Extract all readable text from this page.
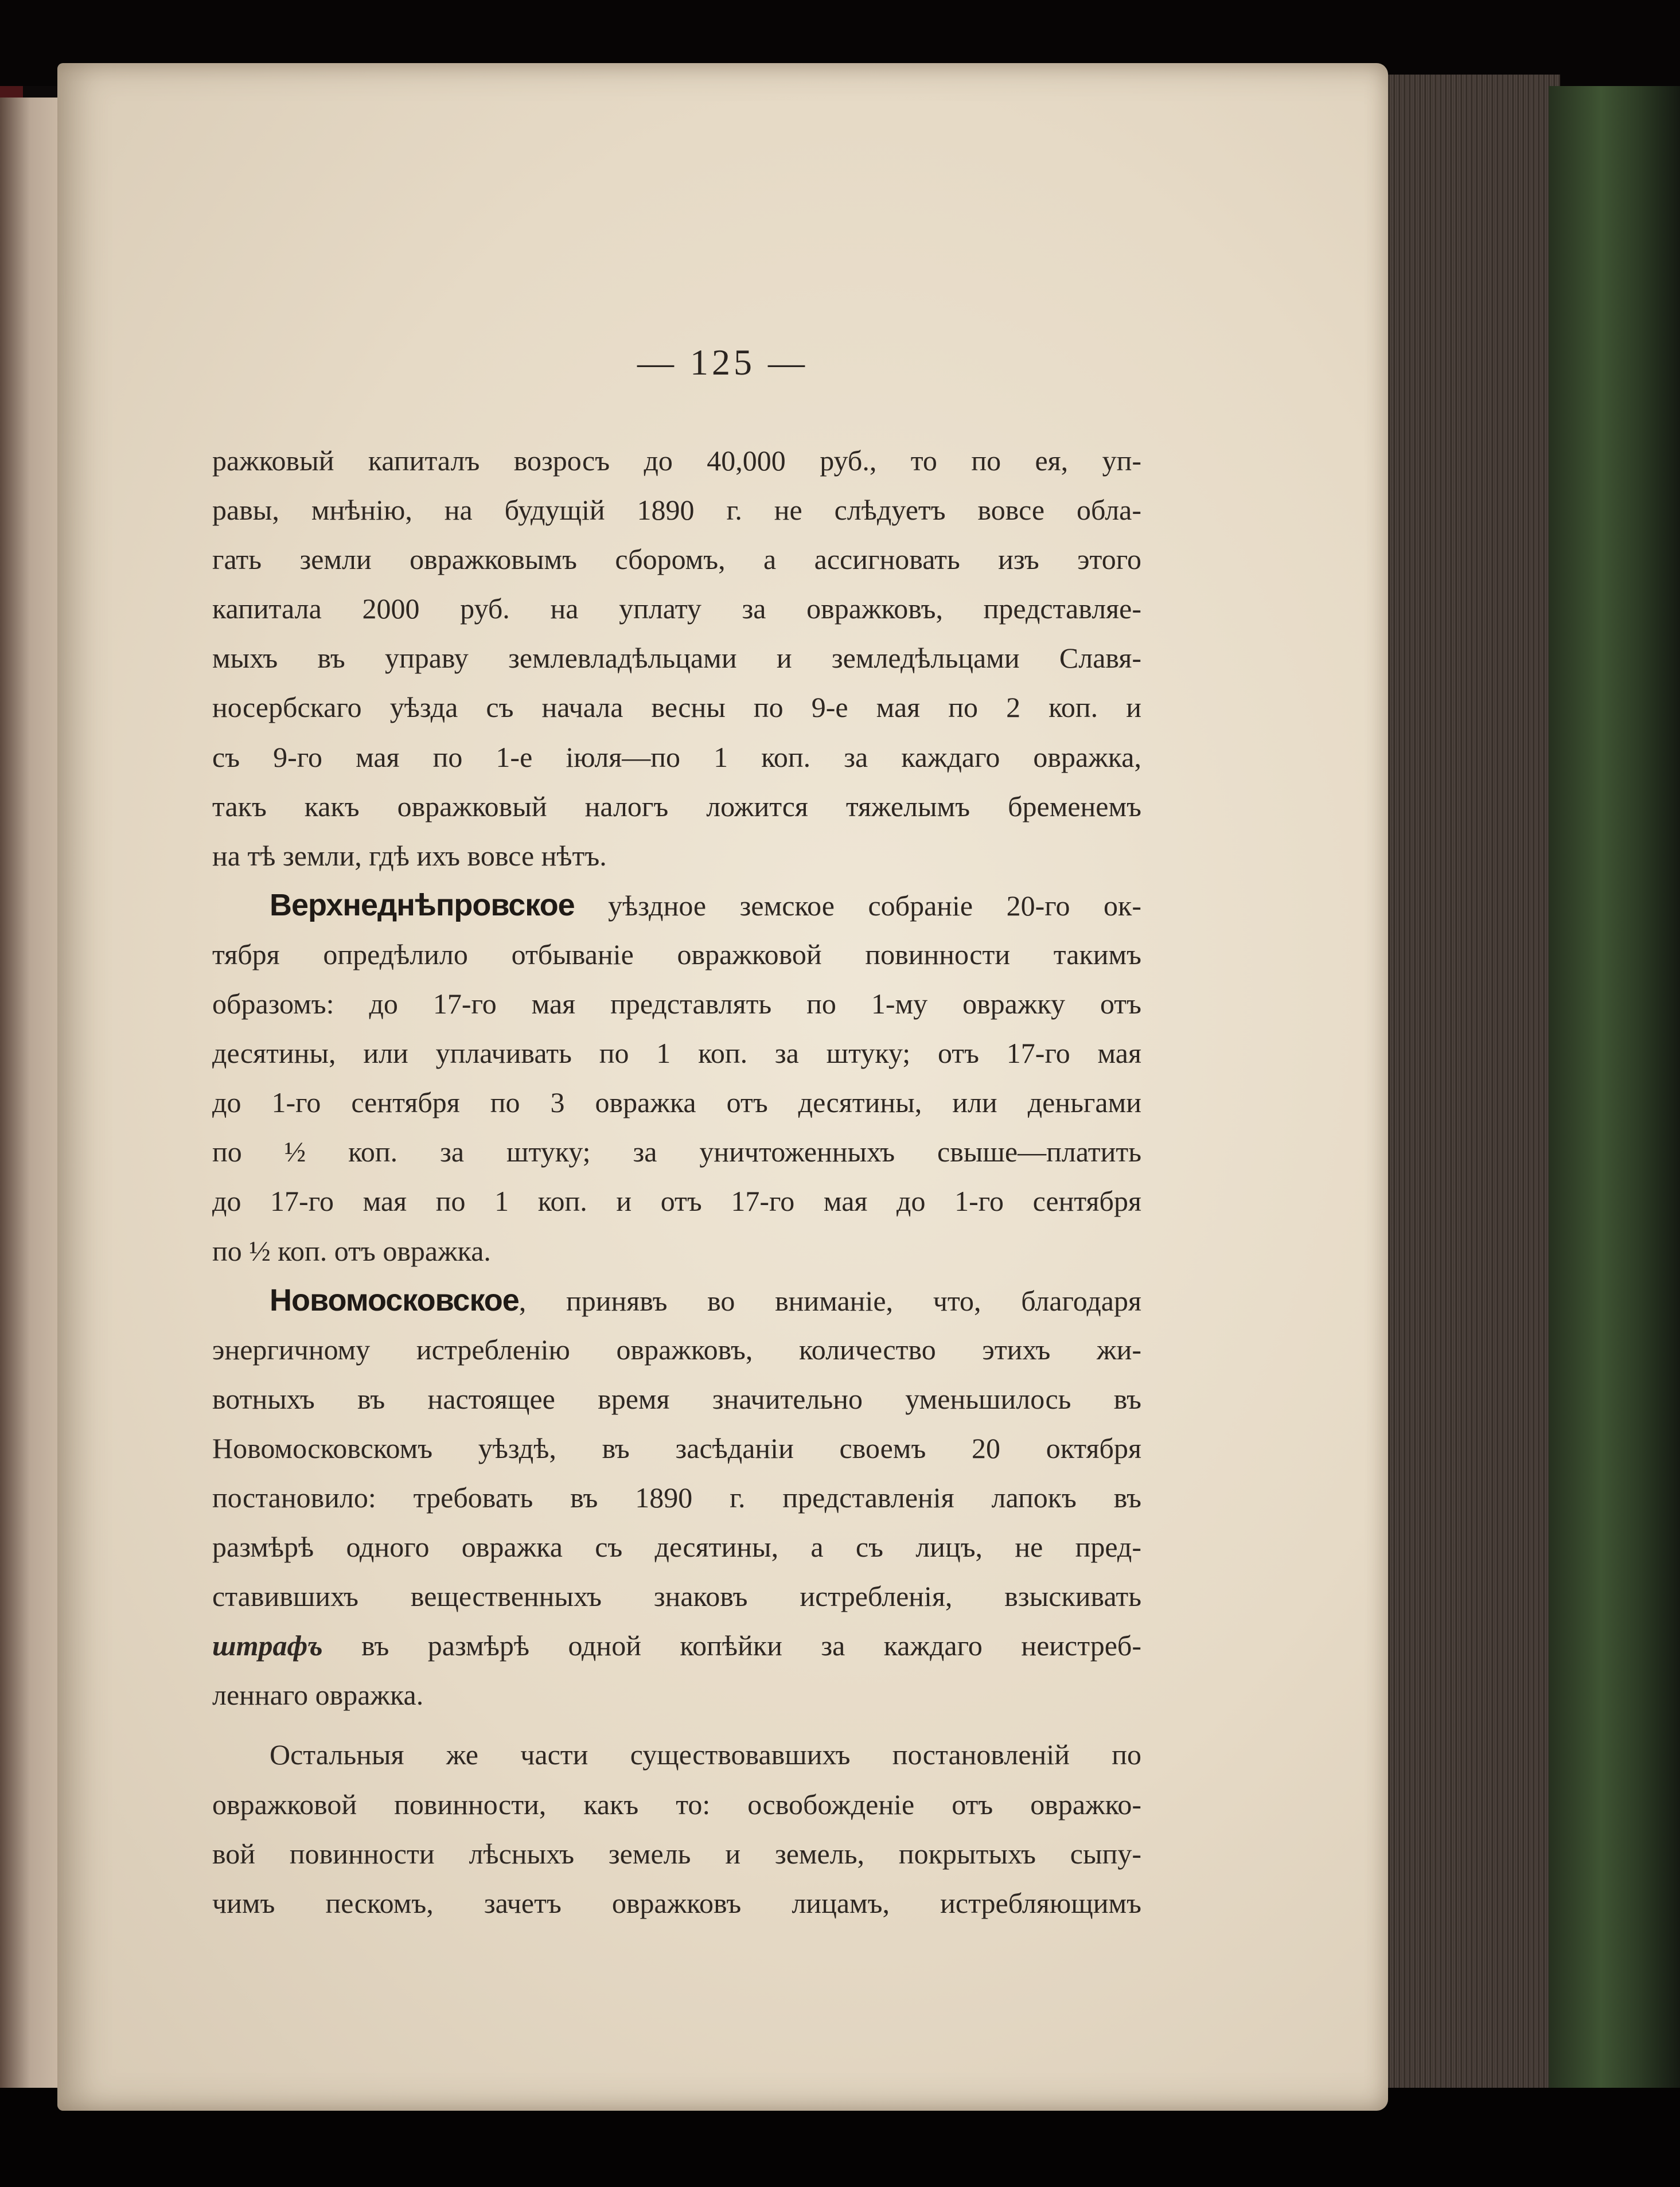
— 125 —
ражковый капиталъ возросъ до 40,000 руб., то по ея, уп-
равы, мнѣнію, на будущій 1890 г. не слѣдуетъ вовсе обла-
гать земли овражковымъ сборомъ, а ассигновать изъ этого
капитала 2000 руб. на уплату за овражковъ, представляе-
мыхъ въ управу землевладѣльцами и земледѣльцами Славя-
носербскаго уѣзда съ начала весны по 9-е мая по 2 коп. и
съ 9-го мая по 1-е іюля—по 1 коп. за каждаго овражка,
такъ какъ овражковый налогъ ложится тяжелымъ бременемъ
на тѣ земли, гдѣ ихъ вовсе нѣтъ.
Верхнеднѣпровское уѣздное земское собраніе 20-го ок-
тября опредѣлило отбываніе овражковой повинности такимъ
образомъ: до 17-го мая представлять по 1-му овражку отъ
десятины, или уплачивать по 1 коп. за штуку; отъ 17-го мая
до 1-го сентября по 3 овражка отъ десятины, или деньгами
по ½ коп. за штуку; за уничтоженныхъ свыше—платить
до 17-го мая по 1 коп. и отъ 17-го мая до 1-го сентября
по ½ коп. отъ овражка.
Новомосковское, принявъ во вниманіе, что, благодаря
энергичному истребленію овражковъ, количество этихъ жи-
вотныхъ въ настоящее время значительно уменьшилось въ
Новомосковскомъ уѣздѣ, въ засѣданіи своемъ 20 октября
постановило: требовать въ 1890 г. представленія лапокъ въ
размѣрѣ одного овражка съ десятины, а съ лицъ, не пред-
ставившихъ вещественныхъ знаковъ истребленія, взыскивать
штрафъ въ размѣрѣ одной копѣйки за каждаго неистреб-
леннаго овражка.
Остальныя же части существовавшихъ постановленій по
овражковой повинности, какъ то: освобожденіе отъ овражко-
вой повинности лѣсныхъ земель и земель, покрытыхъ сыпу-
чимъ пескомъ, зачетъ овражковъ лицамъ, истребляющимъ
